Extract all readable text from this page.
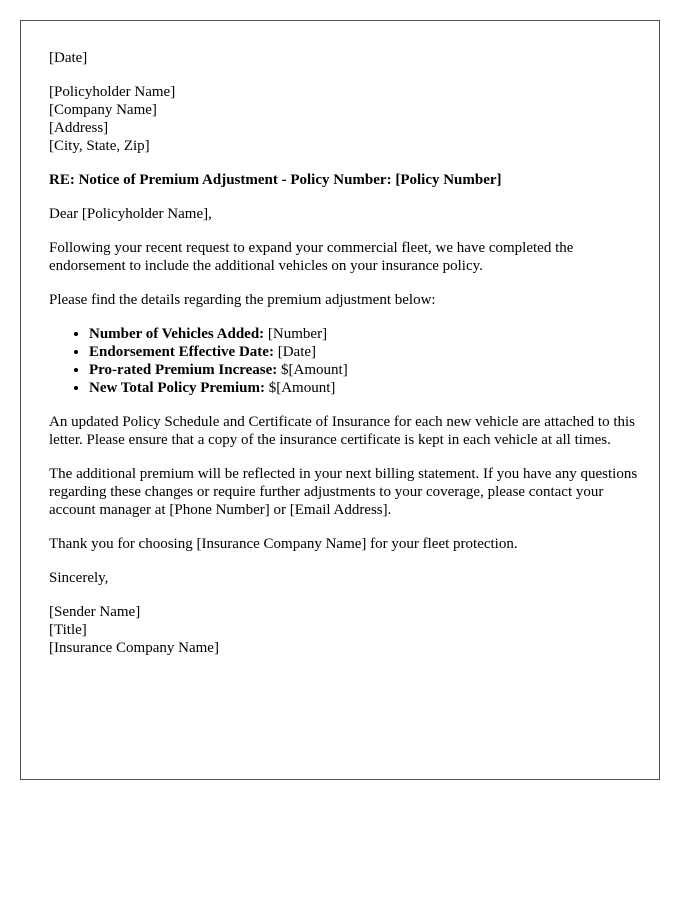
[Date]

[Policyholder Name]
[Company Name]
[Address]
[City, State, Zip]

RE: Notice of Premium Adjustment - Policy Number: [Policy Number]

Dear [Policyholder Name],

Following your recent request to expand your commercial fleet, we have completed the endorsement to include the additional vehicles on your insurance policy.

Please find the details regarding the premium adjustment below:

• Number of Vehicles Added: [Number]
• Endorsement Effective Date: [Date]
• Pro-rated Premium Increase: $[Amount]
• New Total Policy Premium: $[Amount]

An updated Policy Schedule and Certificate of Insurance for each new vehicle are attached to this letter. Please ensure that a copy of the insurance certificate is kept in each vehicle at all times.

The additional premium will be reflected in your next billing statement. If you have any questions regarding these changes or require further adjustments to your coverage, please contact your account manager at [Phone Number] or [Email Address].

Thank you for choosing [Insurance Company Name] for your fleet protection.

Sincerely,

[Sender Name]
[Title]
[Insurance Company Name]
